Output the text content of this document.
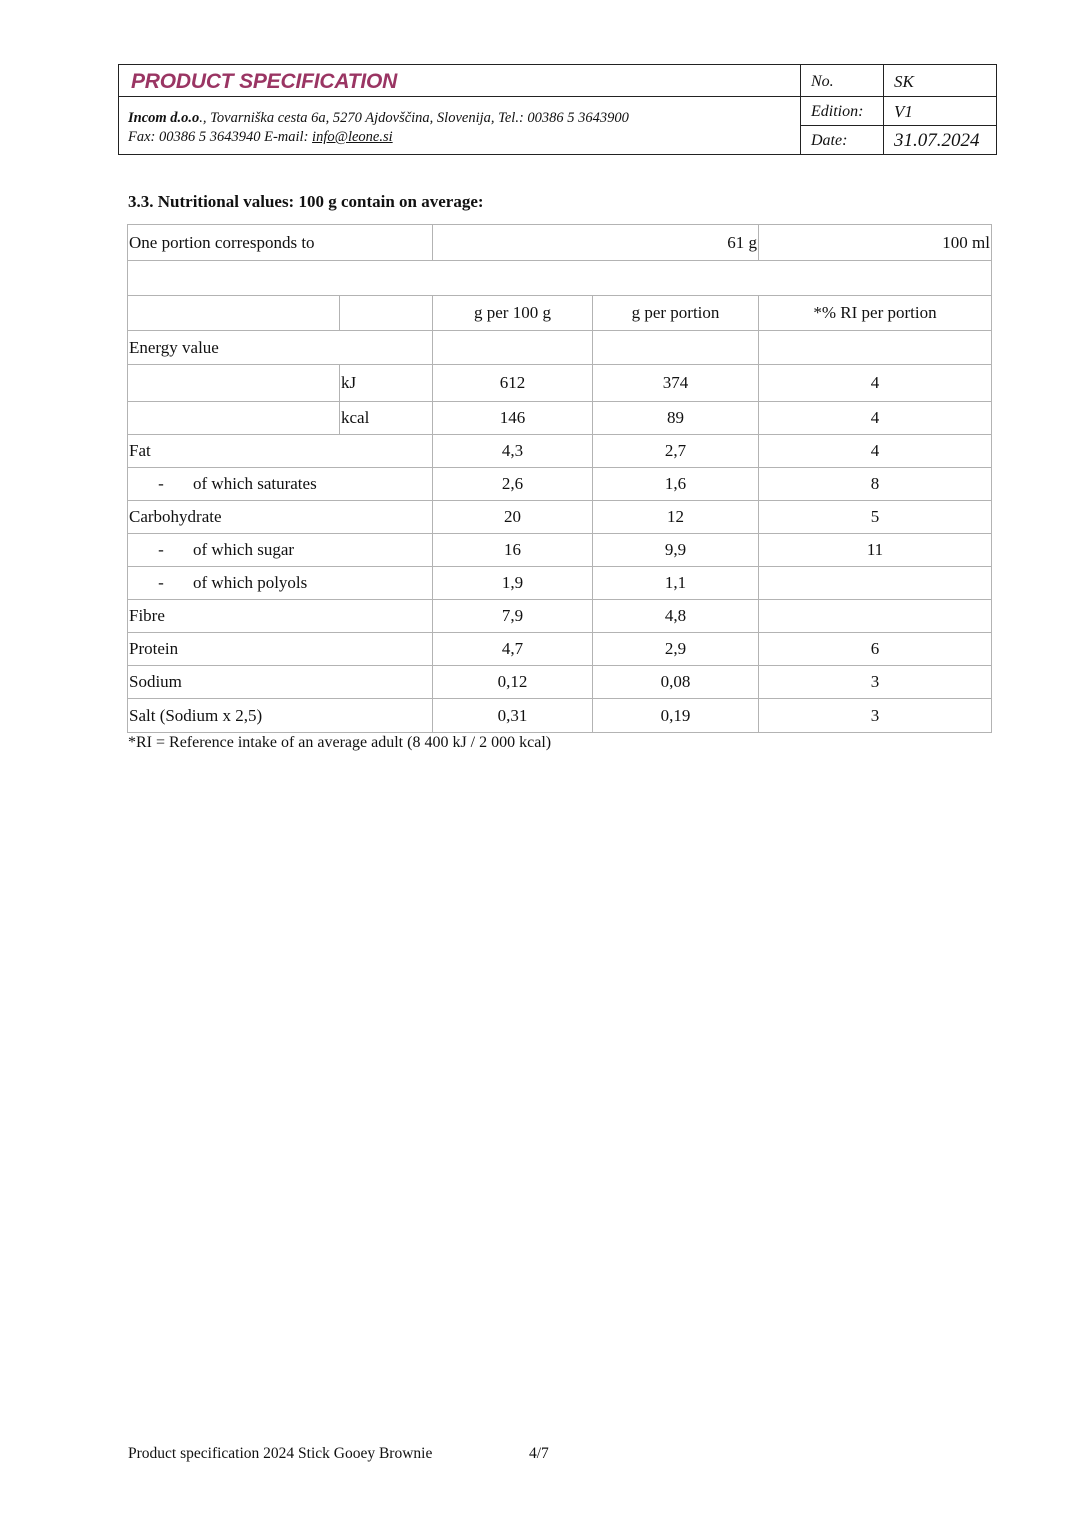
PRODUCT SPECIFICATION
Incom d.o.o., Tovarniška cesta 6a, 5270 Ajdovščina, Slovenija, Tel.: 00386 5 3643900
Fax: 00386 5 3643940 E-mail: info@leone.si
No.	SK
Edition: V1
Date: 31.07.2024
3.3. Nutritional values: 100 g contain on average:
One portion corresponds to	61 g	100 ml
g per 100 g	g per portion	*% RI per portion
Energy value
kJ	612	374	4
kcal	146	89	4
Fat	4,3	2,7	4
-	of which saturates	2,6	1,6	8
Carbohydrate	20	12	5
-	of which sugar	16	9,9	11
-	of which polyols	1,9	1,1
Fibre	7,9	4,8
Protein	4,7	2,9	6
Sodium	0,12	0,08	3
Salt (Sodium x 2,5)	0,31	0,19	3
*RI = Reference intake of an average adult (8 400 kJ / 2 000 kcal)
Product specification 2024 Stick Gooey Brownie	4/7
